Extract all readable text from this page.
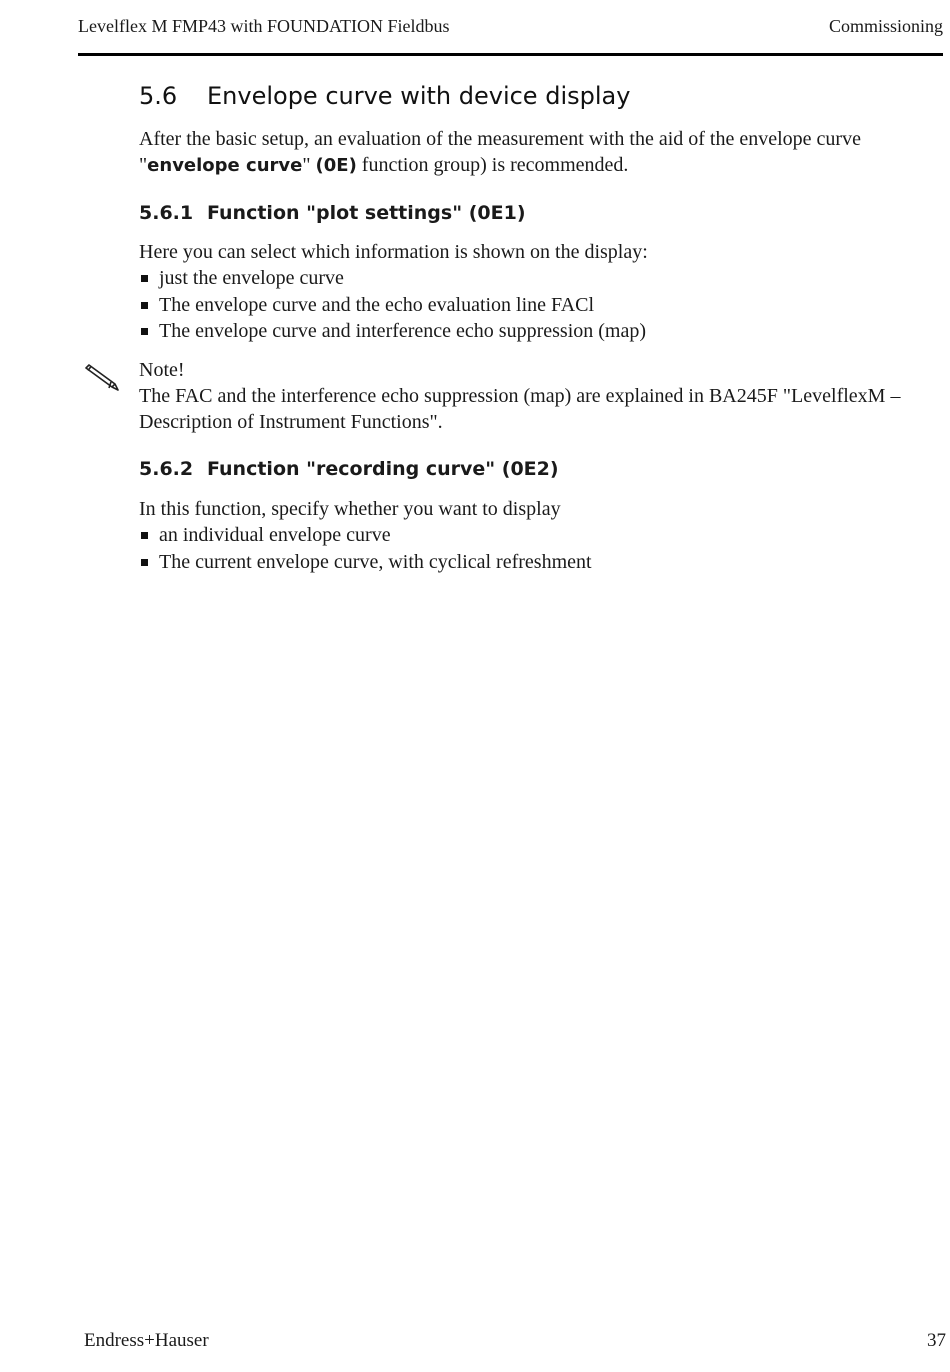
Levelflex M FMP43 with FOUNDATION Fieldbus	Commissioning
5.6 Envelope curve with device display

After the basic setup, an evaluation of the measurement with the aid of the envelope curve
"envelope curve" (0E) function group) is recommended.

5.6.1 Function "plot settings" (0E1)

Here you can select which information is shown on the display:

just the envelope curve
The envelope curve and the echo evaluation line FACl
The envelope curve and interference echo suppression (map)

Note!
The FAC and the interference echo suppression (map) are explained in BA245F "LevelflexM – Description of Instrument Functions".

5.6.2 Function "recording curve" (0E2)

In this function, specify whether you want to display

an individual envelope curve
The current envelope curve, with cyclical refreshment
Endress+Hauser	37
